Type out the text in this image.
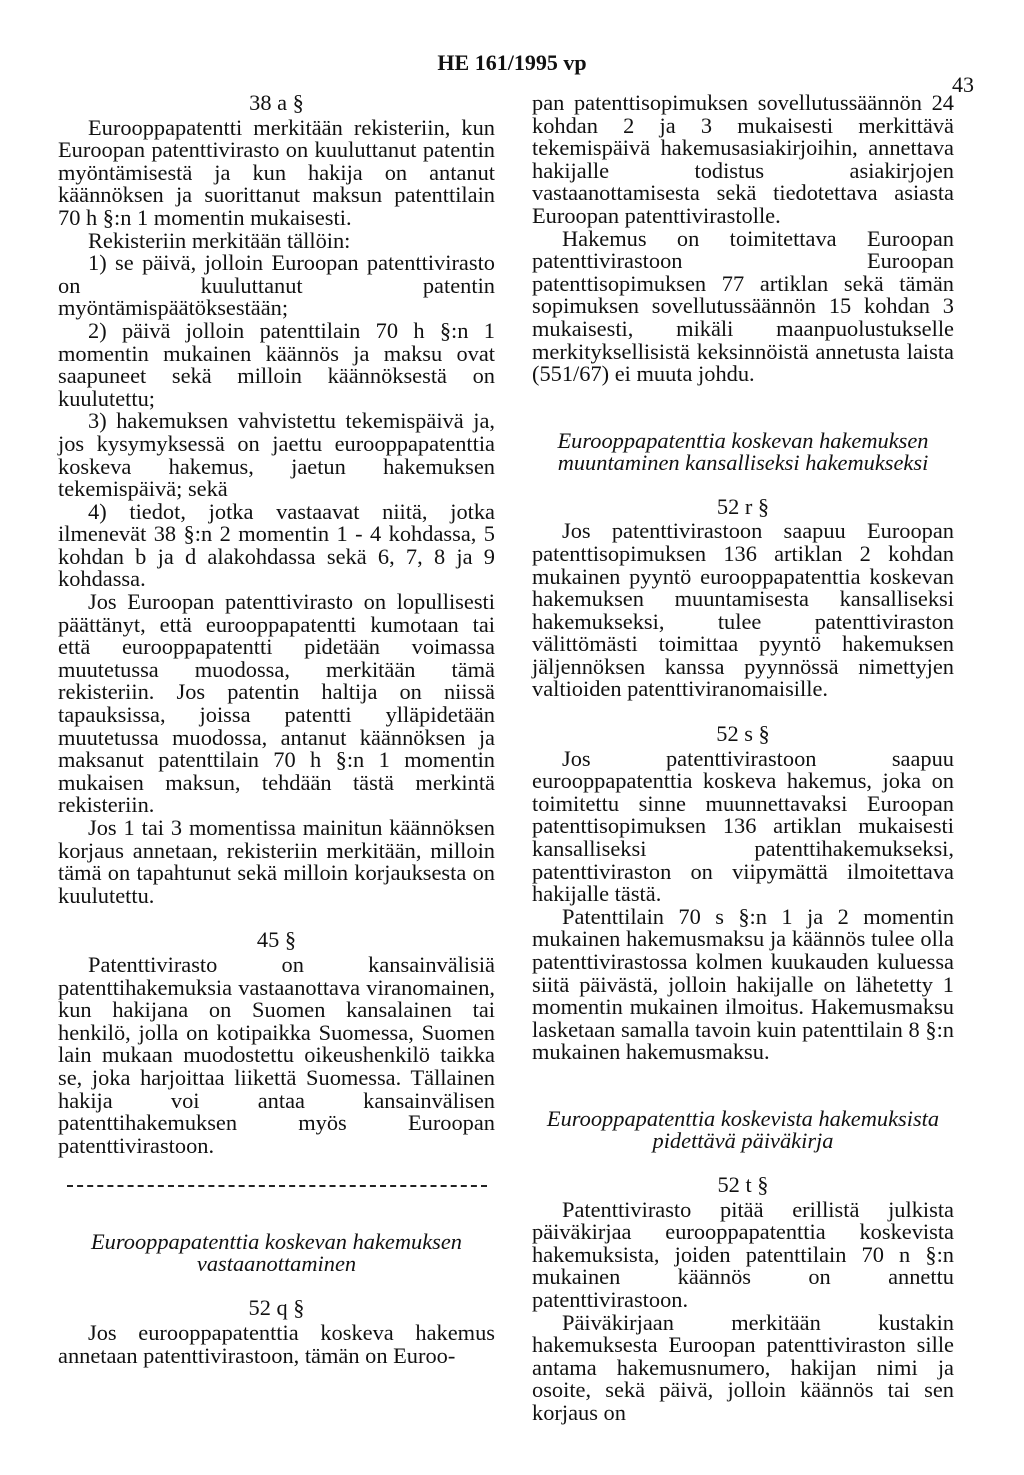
HE 161/1995 vp
43
38 a §

Eurooppapatentti merkitään rekisteriin, kun Euroopan patenttivirasto on kuuluttanut patentin myöntämisestä ja kun hakija on antanut käännöksen ja suorittanut maksun patenttilain 70 h §:n 1 momentin mukaisesti.

Rekisteriin merkitään tällöin:

1) se päivä, jolloin Euroopan patenttivirasto on kuuluttanut patentin myöntämispäätöksestään;

2) päivä jolloin patenttilain 70 h §:n 1 momentin mukainen käännös ja maksu ovat saapuneet sekä milloin käännöksestä on kuulutettu;

3) hakemuksen vahvistettu tekemispäivä ja, jos kysymyksessä on jaettu eurooppapatenttia koskeva hakemus, jaetun hakemuksen tekemispäivä; sekä

4) tiedot, jotka vastaavat niitä, jotka ilmenevät 38 §:n 2 momentin 1 - 4 kohdassa, 5 kohdan b ja d alakohdassa sekä 6, 7, 8 ja 9 kohdassa.

Jos Euroopan patenttivirasto on lopullisesti päättänyt, että eurooppapatentti kumotaan tai että eurooppapatentti pidetään voimassa muutetussa muodossa, merkitään tämä rekisteriin. Jos patentin haltija on niissä tapauksissa, joissa patentti ylläpidetään muutetussa muodossa, antanut käännöksen ja maksanut patenttilain 70 h §:n 1 momentin mukaisen maksun, tehdään tästä merkintä rekisteriin.

Jos 1 tai 3 momentissa mainitun käännöksen korjaus annetaan, rekisteriin merkitään, milloin tämä on tapahtunut sekä milloin korjauksesta on kuulutettu.

45 §

Patenttivirasto on kansainvälisiä patenttihakemuksia vastaanottava viranomainen, kun hakijana on Suomen kansalainen tai henkilö, jolla on kotipaikka Suomessa, Suomen lain mukaan muodostettu oikeushenkilö taikka se, joka harjoittaa liikettä Suomessa. Tällainen hakija voi antaa kansainvälisen patenttihakemuksen myös Euroopan patenttivirastoon.

Eurooppapatenttia koskevan hakemuksen vastaanottaminen
52 q §

Jos eurooppapatenttia koskeva hakemus annetaan patenttivirastoon, tämän on Euroo-

pan patenttisopimuksen sovellutussäännön 24 kohdan 2 ja 3 mukaisesti merkittävä tekemispäivä hakemusasiakirjoihin, annettava hakijalle todistus asiakirjojen vastaanottamisesta sekä tiedotettava asiasta Euroopan patenttivirastolle.

Hakemus on toimitettava Euroopan patenttivirastoon Euroopan patenttisopimuksen 77 artiklan sekä tämän sopimuksen sovellutussäännön 15 kohdan 3 mukaisesti, mikäli maanpuolustukselle merkityksellisistä keksinnöistä annetusta laista (551/67) ei muuta johdu.

Eurooppapatenttia koskevan hakemuksen muuntaminen kansalliseksi hakemukseksi
52 r §

Jos patenttivirastoon saapuu Euroopan patenttisopimuksen 136 artiklan 2 kohdan mukainen pyyntö eurooppapatenttia koskevan hakemuksen muuntamisesta kansalliseksi hakemukseksi, tulee patenttiviraston välittömästi toimittaa pyyntö hakemuksen jäljennöksen kanssa pyynnössä nimettyjen valtioiden patenttiviranomaisille.

52 s §

Jos patenttivirastoon saapuu eurooppapatenttia koskeva hakemus, joka on toimitettu sinne muunnettavaksi Euroopan patenttisopimuksen 136 artiklan mukaisesti kansalliseksi patenttihakemukseksi, patenttiviraston on viipymättä ilmoitettava hakijalle tästä.

Patenttilain 70 s §:n 1 ja 2 momentin mukainen hakemusmaksu ja käännös tulee olla patenttivirastossa kolmen kuukauden kuluessa siitä päivästä, jolloin hakijalle on lähetetty 1 momentin mukainen ilmoitus. Hakemusmaksu lasketaan samalla tavoin kuin patenttilain 8 §:n mukainen hakemusmaksu.

Eurooppapatenttia koskevista hakemuksista pidettävä päiväkirja
52 t §

Patenttivirasto pitää erillistä julkista päiväkirjaa eurooppapatenttia koskevista hakemuksista, joiden patenttilain 70 n §:n mukainen käännös on annettu patenttivirastoon.

Päiväkirjaan merkitään kustakin hakemuksesta Euroopan patenttiviraston sille antama hakemusnumero, hakijan nimi ja osoite, sekä päivä, jolloin käännös tai sen korjaus on
